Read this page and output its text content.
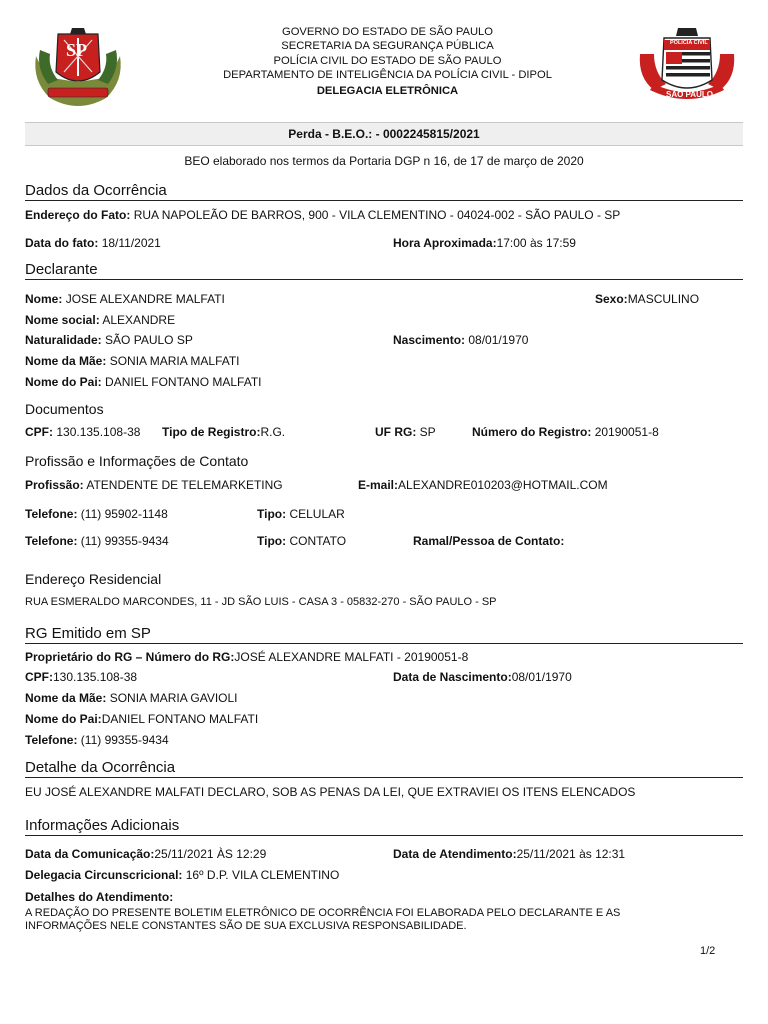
SP
GOVERNO DO ESTADO DE SÃO PAULO
SECRETARIA DA SEGURANÇA PÚBLICA
POLÍCIA CIVIL DO ESTADO DE SÃO PAULO
DEPARTAMENTO DE INTELIGÊNCIA DA POLÍCIA CIVIL - DIPOL
DELEGACIA ELETRÔNICA
POLÍCIA CIVIL
SÃO PAULO
Perda - B.E.O.: - 0002245815/2021
BEO elaborado nos termos da Portaria DGP n 16, de 17 de março de 2020
Dados da Ocorrência
Endereço do Fato: RUA NAPOLEÃO DE BARROS, 900 - VILA CLEMENTINO - 04024-002 - SÃO PAULO - SP
Data do fato: 18/11/2021	Hora Aproximada:17:00 às 17:59
Declarante
Nome: JOSE ALEXANDRE MALFATI	Sexo:MASCULINO
Nome social: ALEXANDRE
Naturalidade: SÃO PAULO SP	Nascimento: 08/01/1970
Nome da Mãe: SONIA MARIA MALFATI
Nome do Pai: DANIEL FONTANO MALFATI
Documentos
CPF: 130.135.108-38 Tipo de Registro:R.G.	UF RG: SP	Número do Registro: 20190051-8
Profissão e Informações de Contato
Profissão: ATENDENTE DE TELEMARKETING	E-mail:ALEXANDRE010203@HOTMAIL.COM
Telefone: (11) 95902-1148	Tipo: CELULAR
Telefone: (11) 99355-9434	Tipo: CONTATO	Ramal/Pessoa de Contato:
Endereço Residencial
RUA ESMERALDO MARCONDES, 11 - JD SÃO LUIS - CASA 3 - 05832-270 - SÃO PAULO - SP
RG Emitido em SP
Proprietário do RG – Número do RG:JOSÉ ALEXANDRE MALFATI - 20190051-8
CPF:130.135.108-38	Data de Nascimento:08/01/1970
Nome da Mãe: SONIA MARIA GAVIOLI
Nome do Pai:DANIEL FONTANO MALFATI
Telefone: (11) 99355-9434
Detalhe da Ocorrência
EU JOSÉ ALEXANDRE MALFATI DECLARO, SOB AS PENAS DA LEI, QUE EXTRAVIEI OS ITENS ELENCADOS
Informações Adicionais
Data da Comunicação:25/11/2021 ÀS 12:29	Data de Atendimento:25/11/2021 às 12:31
Delegacia Circunscricional: 16º D.P. VILA CLEMENTINO
Detalhes do Atendimento:
A REDAÇÃO DO PRESENTE BOLETIM ELETRÔNICO DE OCORRÊNCIA FOI ELABORADA PELO DECLARANTE E AS
INFORMAÇÕES NELE CONSTANTES SÃO DE SUA EXCLUSIVA RESPONSABILIDADE.
1/2
